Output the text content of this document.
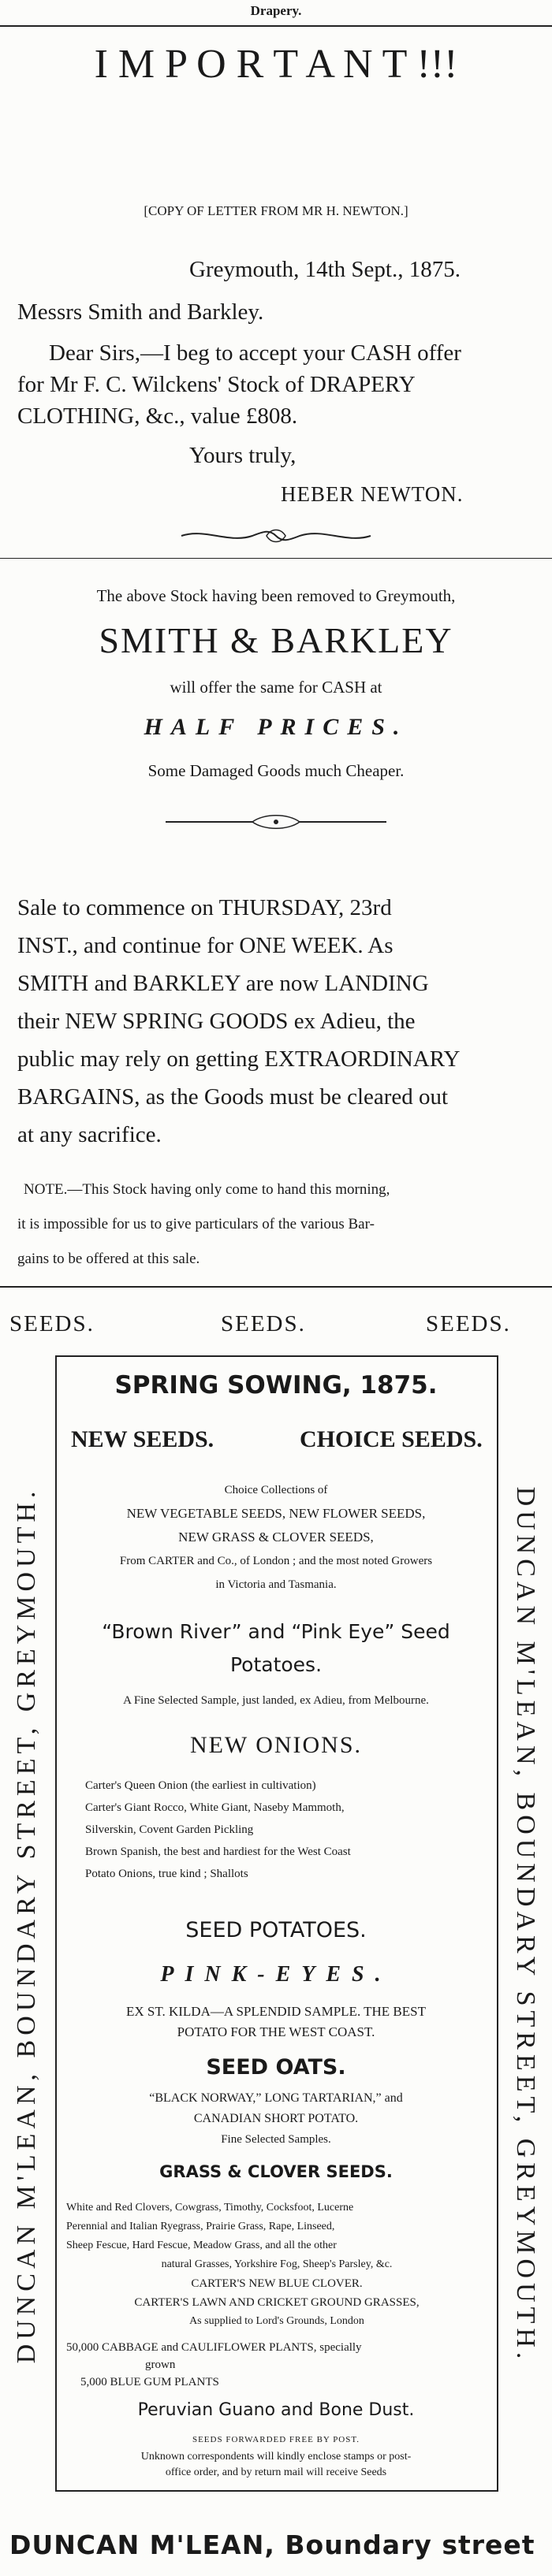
Drapery.
I M P O R T A N T !!!
[COPY OF LETTER FROM MR H. NEWTON.]
Greymouth, 14th Sept., 1875.
Messrs Smith and Barkley.
Dear Sirs,—I beg to accept your CASH offer
for Mr F. C. Wilckens' Stock of DRAPERY
CLOTHING, &c., value £808.
Yours truly,
HEBER NEWTON.
The above Stock having been removed to Greymouth,
SMITH & BARKLEY
will offer the same for CASH at
HALF PRICES.
Some Damaged Goods much Cheaper.
Sale to commence on THURSDAY, 23rd
INST., and continue for ONE WEEK. As
SMITH and BARKLEY are now LANDING
their NEW SPRING GOODS ex Adieu, the
public may rely on getting EXTRAORDINARY
BARGAINS, as the Goods must be cleared out
at any sacrifice.
NOTE.—This Stock having only come to hand this morning,
it is impossible for us to give particulars of the various Bar-
gains to be offered at this sale.
SEEDS.	SEEDS.	SEEDS.
DUNCAN M'LEAN, BOUNDARY STREET, GREYMOUTH.	DUNCAN M'LEAN, BOUNDARY STREET, GREYMOUTH.
SPRING SOWING, 1875.
NEW SEEDS.	CHOICE SEEDS.
Choice Collections of
NEW VEGETABLE SEEDS, NEW FLOWER SEEDS,
NEW GRASS & CLOVER SEEDS,
From CARTER and Co., of London ; and the most noted Growers
in Victoria and Tasmania.
“Brown River” and “Pink Eye” Seed
Potatoes.
A Fine Selected Sample, just landed, ex Adieu, from Melbourne.
NEW ONIONS.
Carter's Queen Onion (the earliest in cultivation)
Carter's Giant Rocco, White Giant, Naseby Mammoth,
Silverskin, Covent Garden Pickling
Brown Spanish, the best and hardiest for the West Coast
Potato Onions, true kind ; Shallots
SEED POTATOES.
PINK-EYES.
EX ST. KILDA—A SPLENDID SAMPLE. THE BEST
POTATO FOR THE WEST COAST.
SEED OATS.
“BLACK NORWAY,” LONG TARTARIAN,” and
CANADIAN SHORT POTATO.
Fine Selected Samples.
GRASS & CLOVER SEEDS.
White and Red Clovers, Cowgrass, Timothy, Cocksfoot, Lucerne
Perennial and Italian Ryegrass, Prairie Grass, Rape, Linseed,
Sheep Fescue, Hard Fescue, Meadow Grass, and all the other
natural Grasses, Yorkshire Fog, Sheep's Parsley, &c.
CARTER'S NEW BLUE CLOVER.
CARTER'S LAWN AND CRICKET GROUND GRASSES,
As supplied to Lord's Grounds, London
50,000 CABBAGE and CAULIFLOWER PLANTS, specially
grown
5,000 BLUE GUM PLANTS
Peruvian Guano and Bone Dust.
SEEDS FORWARDED FREE BY POST.
Unknown correspondents will kindly enclose stamps or post-
office order, and by return mail will receive Seeds
DUNCAN M'LEAN, Boundary street
